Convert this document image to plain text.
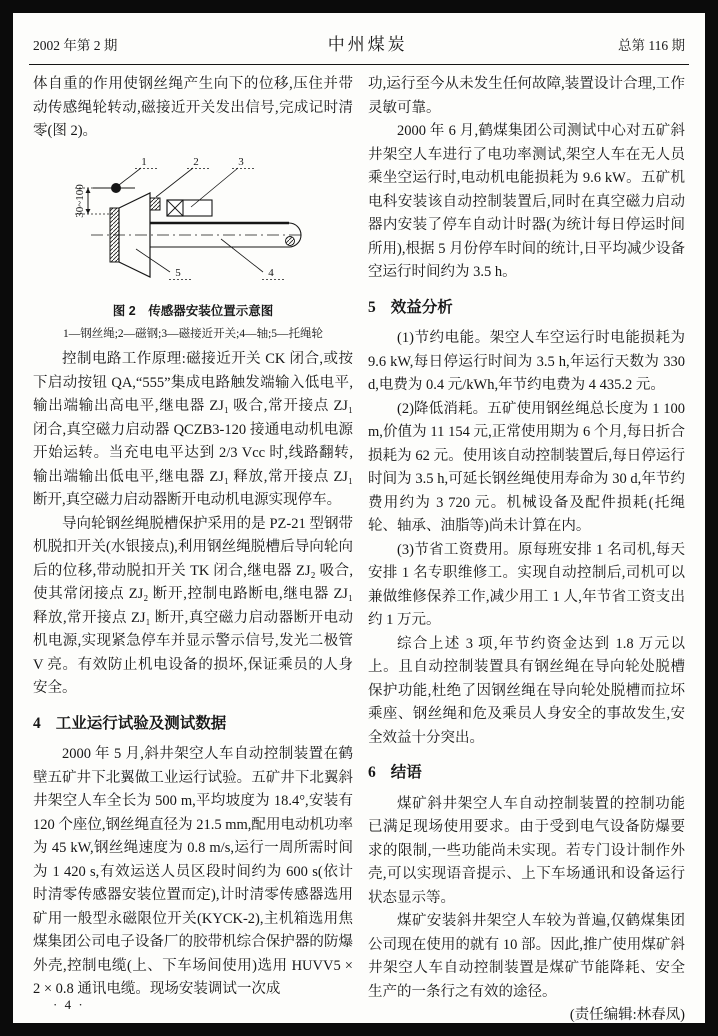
2002 年第 2 期	中州煤炭	总第 116 期

体自重的作用使钢丝绳产生向下的位移,压住并带动传感绳轮转动,磁接近开关发出信号,完成记时清零(图 2)。

30~100
1	2	3
4
5
图 2　传感器安装位置示意图
1—钢丝绳;2—磁钢;3—磁接近开关;4—轴;5—托绳轮

控制电路工作原理:磁接近开关 CK 闭合,或按下启动按钮 QA,“555”集成电路触发端输入低电平,输出端输出高电平,继电器 ZJ₁ 吸合,常开接点 ZJ₁ 闭合,真空磁力启动器 QCZB3-120 接通电动机电源开始运转。当充电电平达到 2/3 Vcc 时,线路翻转,输出端输出低电平,继电器 ZJ₁ 释放,常开接点 ZJ₁ 断开,真空磁力启动器断开电动机电源实现停车。

导向轮钢丝绳脱槽保护采用的是 PZ-21 型钢带机脱扣开关(水银接点),利用钢丝绳脱槽后导向轮向后的位移,带动脱扣开关 TK 闭合,继电器 ZJ₂ 吸合,使其常闭接点 ZJ₂ 断开,控制电路断电,继电器 ZJ₁ 释放,常开接点 ZJ₁ 断开,真空磁力启动器断开电动机电源,实现紧急停车并显示警示信号,发光二极管 V 亮。有效防止机电设备的损坏,保证乘员的人身安全。

4 工业运行试验及测试数据

2000 年 5 月,斜井架空人车自动控制装置在鹤壁五矿井下北翼做工业运行试验。五矿井下北翼斜井架空人车全长为 500 m,平均坡度为 18.4°,安装有 120 个座位,钢丝绳直径为 21.5 mm,配用电动机功率为 45 kW,钢丝绳速度为 0.8 m/s,运行一周所需时间为 1 420 s,有效运送人员区段时间约为 600 s(依计时清零传感器安装位置而定),计时清零传感器选用矿用一般型永磁限位开关(KYCK-2),主机箱选用焦煤集团公司电子设备厂的胶带机综合保护器的防爆外壳,控制电缆(上、下车场间使用)选用 HUVV5 × 2 × 0.8 通讯电缆。现场安装调试一次成

功,运行至今从未发生任何故障,装置设计合理,工作灵敏可靠。

2000 年 6 月,鹤煤集团公司测试中心对五矿斜井架空人车进行了电功率测试,架空人车在无人员乘坐空运行时,电动机电能损耗为 9.6 kW。五矿机电科安装该自动控制装置后,同时在真空磁力启动器内安装了停车自动计时器(为统计每日停运时间所用),根据 5 月份停车时间的统计,日平均减少设备空运行时间约为 3.5 h。

5 效益分析

(1)节约电能。架空人车空运行时电能损耗为 9.6 kW,每日停运行时间为 3.5 h,年运行天数为 330 d,电费为 0.4 元/kWh,年节约电费为 4 435.2 元。

(2)降低消耗。五矿使用钢丝绳总长度为 1 100 m,价值为 11 154 元,正常使用期为 6 个月,每日折合损耗为 62 元。使用该自动控制装置后,每日停运行时间为 3.5 h,可延长钢丝绳使用寿命为 30 d,年节约费用约为 3 720 元。机械设备及配件损耗(托绳轮、轴承、油脂等)尚未计算在内。

(3)节省工资费用。原每班安排 1 名司机,每天安排 1 名专职维修工。实现自动控制后,司机可以兼做维修保养工作,减少用工 1 人,年节省工资支出约 1 万元。

综合上述 3 项,年节约资金达到 1.8 万元以上。且自动控制装置具有钢丝绳在导向轮处脱槽保护功能,杜绝了因钢丝绳在导向轮处脱槽而拉坏乘座、钢丝绳和危及乘员人身安全的事故发生,安全效益十分突出。

6 结语

煤矿斜井架空人车自动控制装置的控制功能已满足现场使用要求。由于受到电气设备防爆要求的限制,一些功能尚未实现。若专门设计制作外壳,可以实现语音提示、上下车场通讯和设备运行状态显示等。

煤矿安装斜井架空人车较为普遍,仅鹤煤集团公司现在使用的就有 10 部。因此,推广使用煤矿斜井架空人车自动控制装置是煤矿节能降耗、安全生产的一条行之有效的途径。

(责任编辑:林春凤)

· 4 ·
